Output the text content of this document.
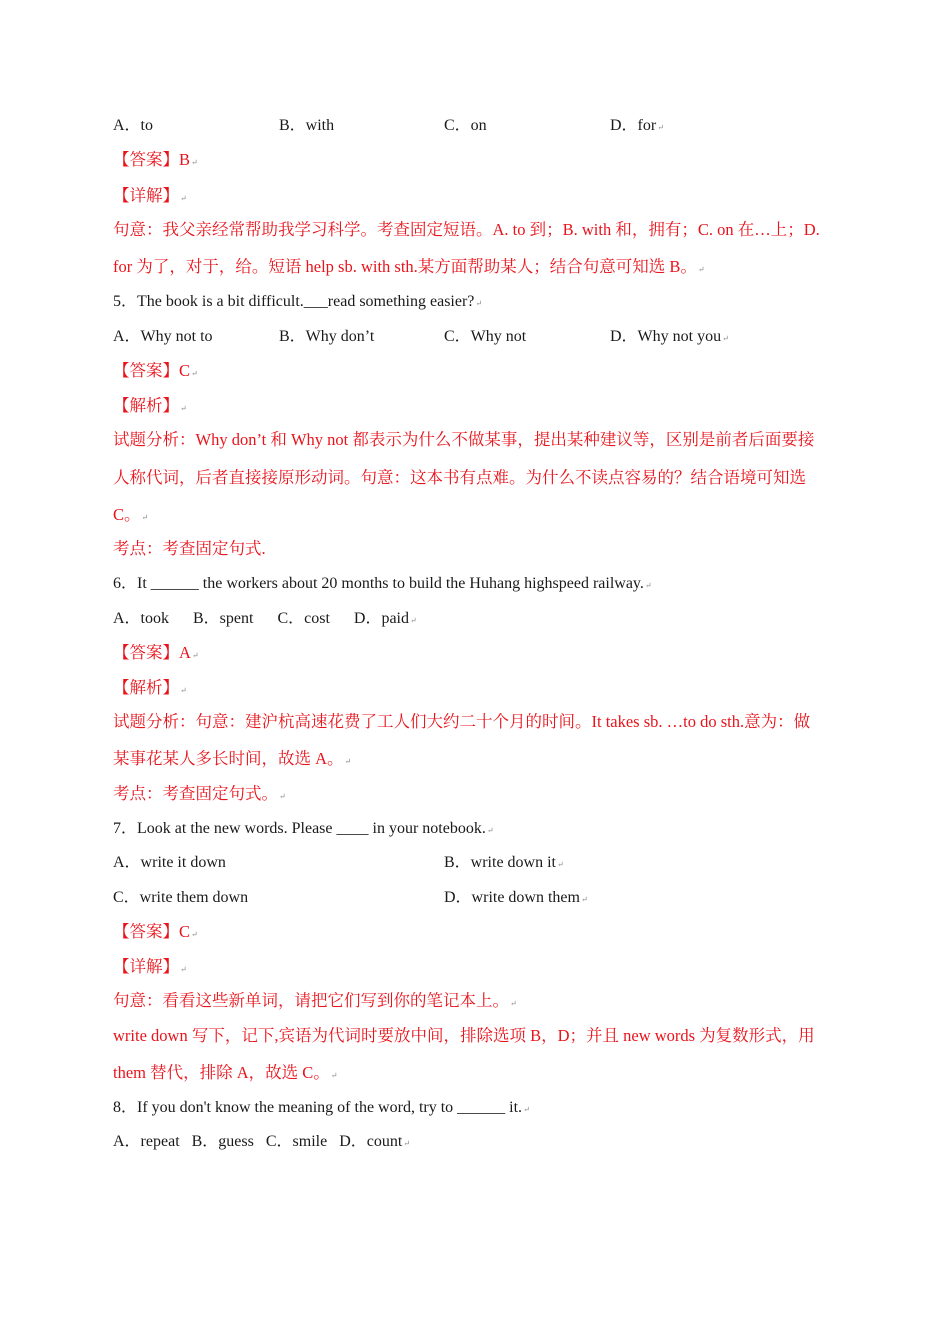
A．to	B．with	C．on	D．for↵
【答案】B↵
【详解】↵
句意：我父亲经常帮助我学习科学。考查固定短语。A. to 到；B. with 和，拥有；C. on 在…上；D.
for 为了，对于，给。短语 help sb. with sth.某方面帮助某人；结合句意可知选 B。↵
5．The book is a bit difficult.___read something easier?↵
A．Why not to	B．Why don’t	C．Why not	D．Why not you↵
【答案】C↵
【解析】↵
试题分析：Why don’t 和 Why not 都表示为什么不做某事，提出某种建议等，区别是前者后面要接
人称代词，后者直接接原形动词。句意：这本书有点难。为什么不读点容易的？结合语境可知选
C。↵
考点：考查固定句式.
6．It ______ the workers about 20 months to build the Huhang highspeed railway.↵
A．took      B．spent      C．cost      D．paid↵
【答案】A↵
【解析】↵
试题分析：句意：建沪杭高速花费了工人们大约二十个月的时间。It takes sb. …to do sth.意为：做
某事花某人多长时间，故选 A。↵
考点：考查固定句式。↵
7．Look at the new words. Please ____ in your notebook.↵
A．write it down	B．write down it↵
C．write them down	D．write down them↵
【答案】C↵
【详解】↵
句意：看看这些新单词，请把它们写到你的笔记本上。↵
write down 写下，记下,宾语为代词时要放中间，排除选项 B，D；并且 new words 为复数形式，用
them 替代，排除 A，故选 C。↵
8．If you don't know the meaning of the word, try to ______ it.↵
A．repeat   B．guess   C．smile   D．count↵
